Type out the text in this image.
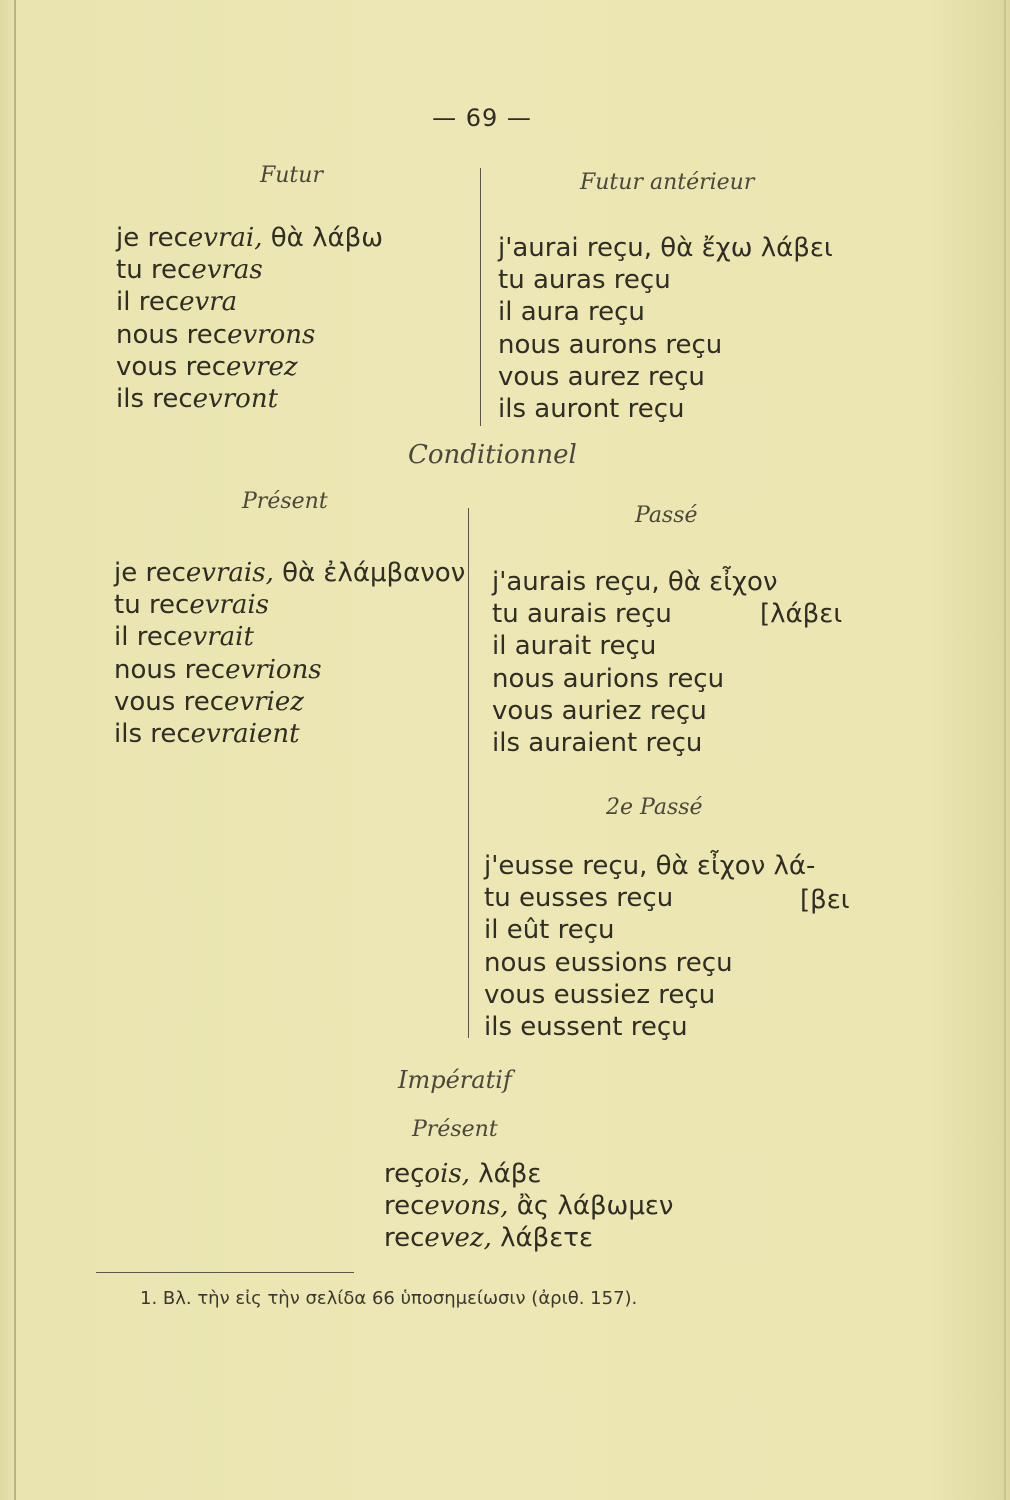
— 69 —
Futur
je recevrai, θὰ λάβω
tu recevras
il recevra
nous recevrons
vous recevrez
ils recevront
Futur antérieur
j'aurai reçu, θὰ ἔχω λάβει
tu auras reçu
il aura reçu
nous aurons reçu
vous aurez reçu
ils auront reçu
Conditionnel
Présent
je recevrais, θὰ ἐλάμβανον
tu recevrais
il recevrait
nous recevrions
vous recevriez
ils recevraient
Passé
j'aurais reçu, θὰ εἶχον
tu aurais reçu
il aurait reçu
nous aurions reçu
vous auriez reçu
ils auraient reçu
[λάβει
2e Passé
j'eusse reçu, θὰ εἶχον λά-
tu eusses reçu
il eût reçu
nous eussions reçu
vous eussiez reçu
ils eussent reçu
[βει
Impératif
Présent
reçois, λάβε
recevons, ἂς λάβωμεν
recevez, λάβετε
1. Βλ. τὴν εἰς τὴν σελίδα 66 ὑποσημείωσιν (ἀριθ. 157).
